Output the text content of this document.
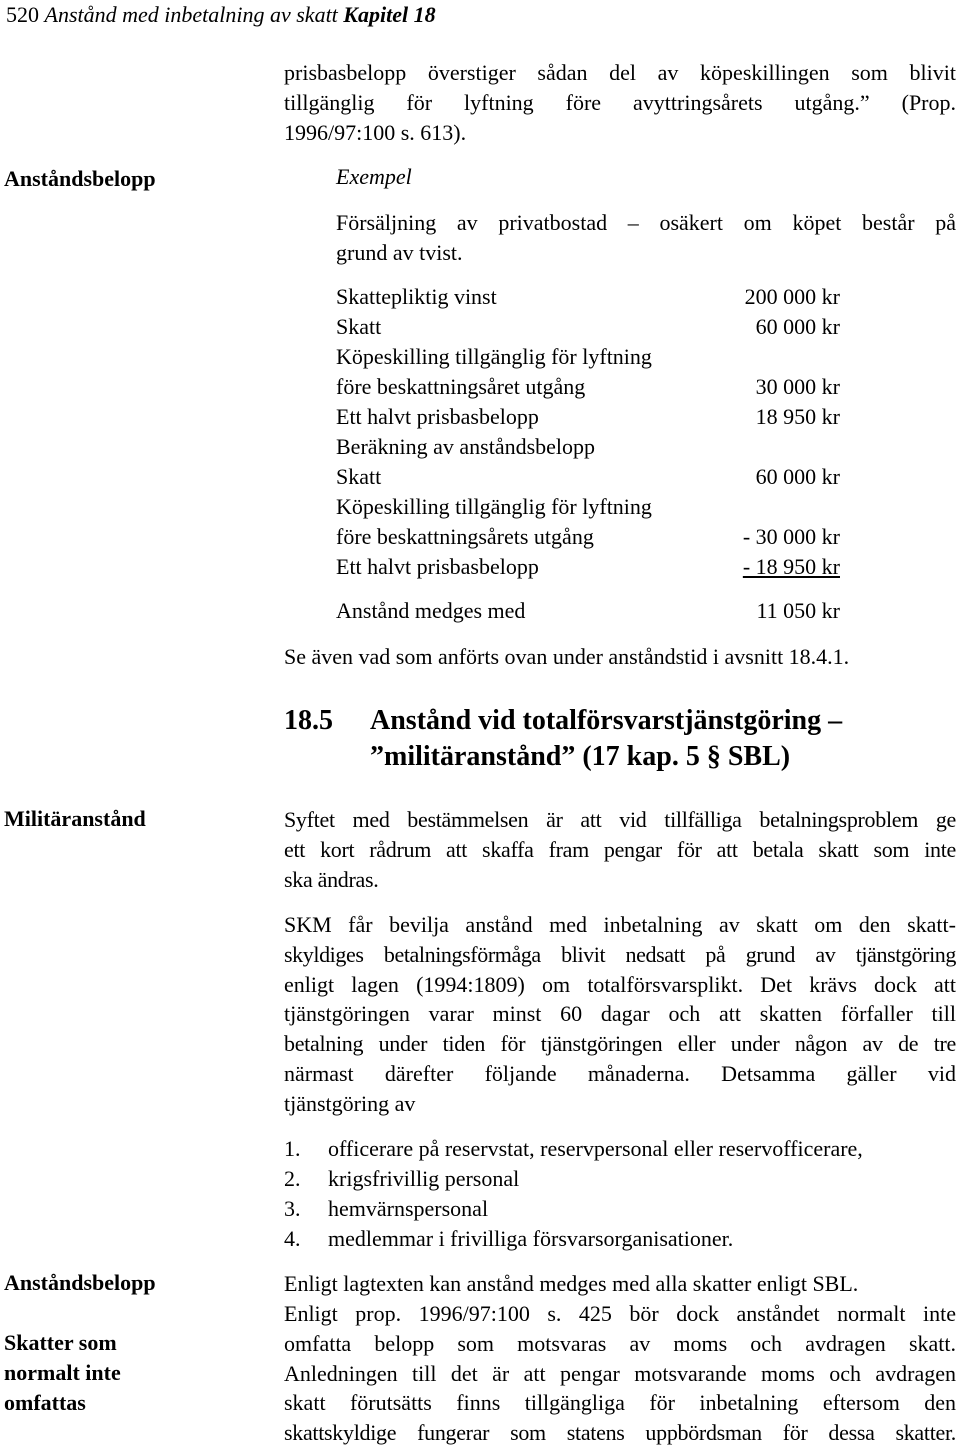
520 Anstånd med inbetalning av skatt Kapitel 18
prisbasbelopp överstiger sådan del av köpeskillingen som blivit
tillgänglig för lyftning före avyttringsårets utgång.” (Prop.
1996/97:100 s. 613).
Anståndsbelopp	Exempel
Försäljning av privatbostad – osäkert om köpet består på
grund av tvist.
Skattepliktig vinst	200 000 kr
Skatt	60 000 kr
Köpeskilling tillgänglig för lyftning
före beskattningsåret utgång	30 000 kr
Ett halvt prisbasbelopp	18 950 kr
Beräkning av anståndsbelopp
Skatt	60 000 kr
Köpeskilling tillgänglig för lyftning
före beskattningsårets utgång	- 30 000 kr
Ett halvt prisbasbelopp	- 18 950 kr
Anstånd medges med	11 050 kr
Se även vad som anförts ovan under anståndstid i avsnitt 18.4.1.
18.5 Anstånd vid totalförsvarstjänstgöring –
”militäranstånd” (17 kap. 5 § SBL)
Militäranstånd	Syftet med bestämmelsen är att vid tillfälliga betalningsproblem ge
ett kort rådrum att skaffa fram pengar för att betala skatt som inte
ska ändras.
SKM får bevilja anstånd med inbetalning av skatt om den skatt-
skyldiges betalningsförmåga blivit nedsatt på grund av tjänstgöring
enligt lagen (1994:1809) om totalförsvarsplikt. Det krävs dock att
tjänstgöringen varar minst 60 dagar och att skatten förfaller till
betalning under tiden för tjänstgöringen eller under någon av de tre
närmast därefter följande månaderna. Detsamma gäller vid
tjänstgöring av
1. officerare på reservstat, reservpersonal eller reservofficerare,
2. krigsfrivillig personal
3. hemvärnspersonal
4. medlemmar i frivilliga försvarsorganisationer.
Anståndsbelopp
Skatter som
normalt inte
omfattas
Enligt lagtexten kan anstånd medges med alla skatter enligt SBL.
Enligt prop. 1996/97:100 s. 425 bör dock anståndet normalt inte
omfatta belopp som motsvaras av moms och avdragen skatt.
Anledningen till det är att pengar motsvarande moms och avdragen
skatt förutsätts finns tillgängliga för inbetalning eftersom den
skattskyldige fungerar som statens uppbördsman för dessa skatter.
